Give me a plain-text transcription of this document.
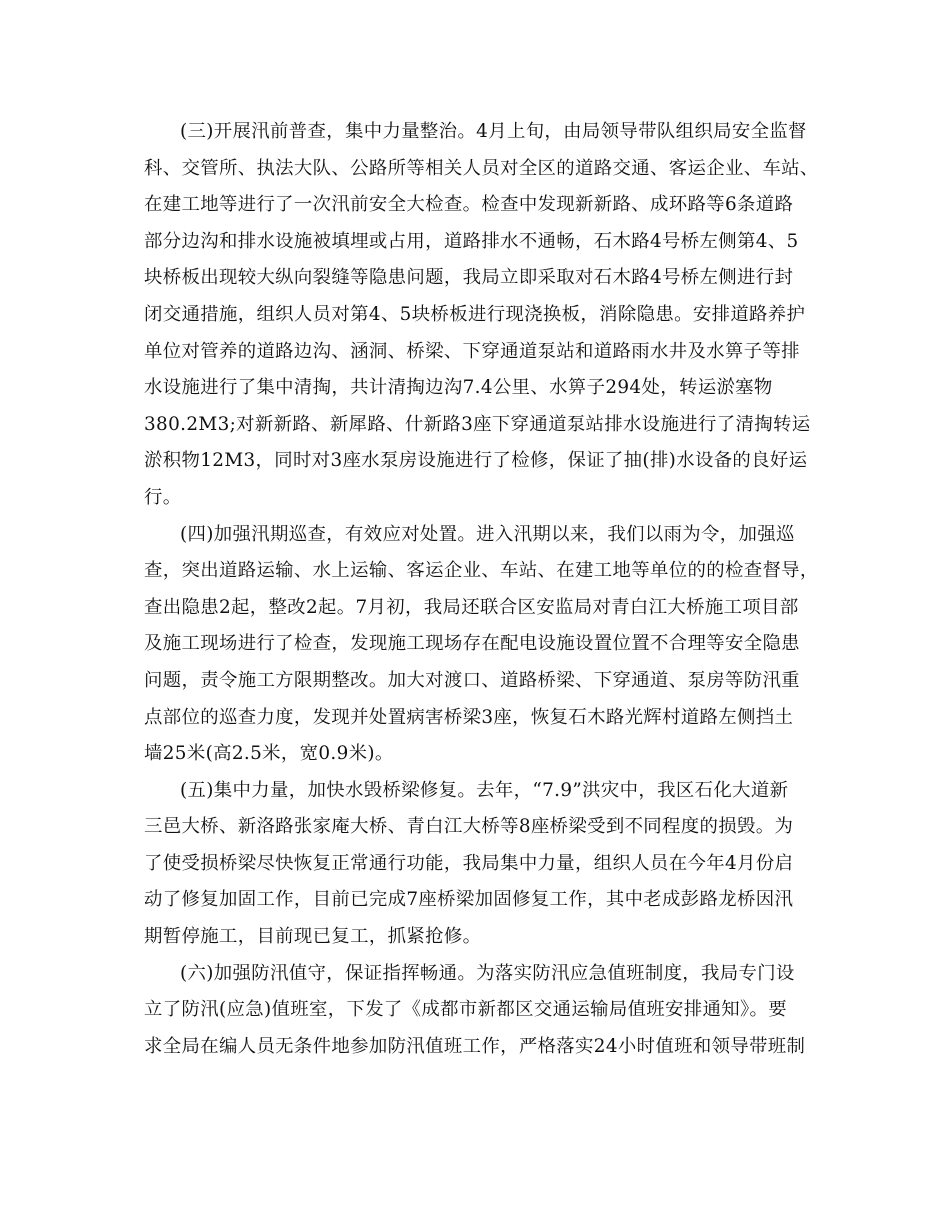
(三)开展汛前普查，集中力量整治。4月上旬，由局领导带队组织局安全监督
科、交管所、执法大队、公路所等相关人员对全区的道路交通、客运企业、车站、
在建工地等进行了一次汛前安全大检查。检查中发现新新路、成环路等6条道路
部分边沟和排水设施被填埋或占用，道路排水不通畅，石木路4号桥左侧第4、5
块桥板出现较大纵向裂缝等隐患问题，我局立即采取对石木路4号桥左侧进行封
闭交通措施，组织人员对第4、5块桥板进行现浇换板，消除隐患。安排道路养护
单位对管养的道路边沟、涵洞、桥梁、下穿通道泵站和道路雨水井及水箅子等排
水设施进行了集中清掏，共计清掏边沟7.4公里、水箅子294处，转运淤塞物
380.2M3;对新新路、新犀路、什新路3座下穿通道泵站排水设施进行了清掏转运
淤积物12M3，同时对3座水泵房设施进行了检修，保证了抽(排)水设备的良好运
行。
(四)加强汛期巡查，有效应对处置。进入汛期以来，我们以雨为令，加强巡
查，突出道路运输、水上运输、客运企业、车站、在建工地等单位的的检查督导，
查出隐患2起，整改2起。7月初，我局还联合区安监局对青白江大桥施工项目部
及施工现场进行了检查，发现施工现场存在配电设施设置位置不合理等安全隐患
问题，责令施工方限期整改。加大对渡口、道路桥梁、下穿通道、泵房等防汛重
点部位的巡查力度，发现并处置病害桥梁3座，恢复石木路光辉村道路左侧挡土
墙25米(高2.5米，宽0.9米)。
(五)集中力量，加快水毁桥梁修复。去年，“7.9”洪灾中，我区石化大道新
三邑大桥、新洛路张家庵大桥、青白江大桥等8座桥梁受到不同程度的损毁。为
了使受损桥梁尽快恢复正常通行功能，我局集中力量，组织人员在今年4月份启
动了修复加固工作，目前已完成7座桥梁加固修复工作，其中老成彭路龙桥因汛
期暂停施工，目前现已复工，抓紧抢修。
(六)加强防汛值守，保证指挥畅通。为落实防汛应急值班制度，我局专门设
立了防汛(应急)值班室，下发了《成都市新都区交通运输局值班安排通知》。要
求全局在编人员无条件地参加防汛值班工作，严格落实24小时值班和领导带班制
